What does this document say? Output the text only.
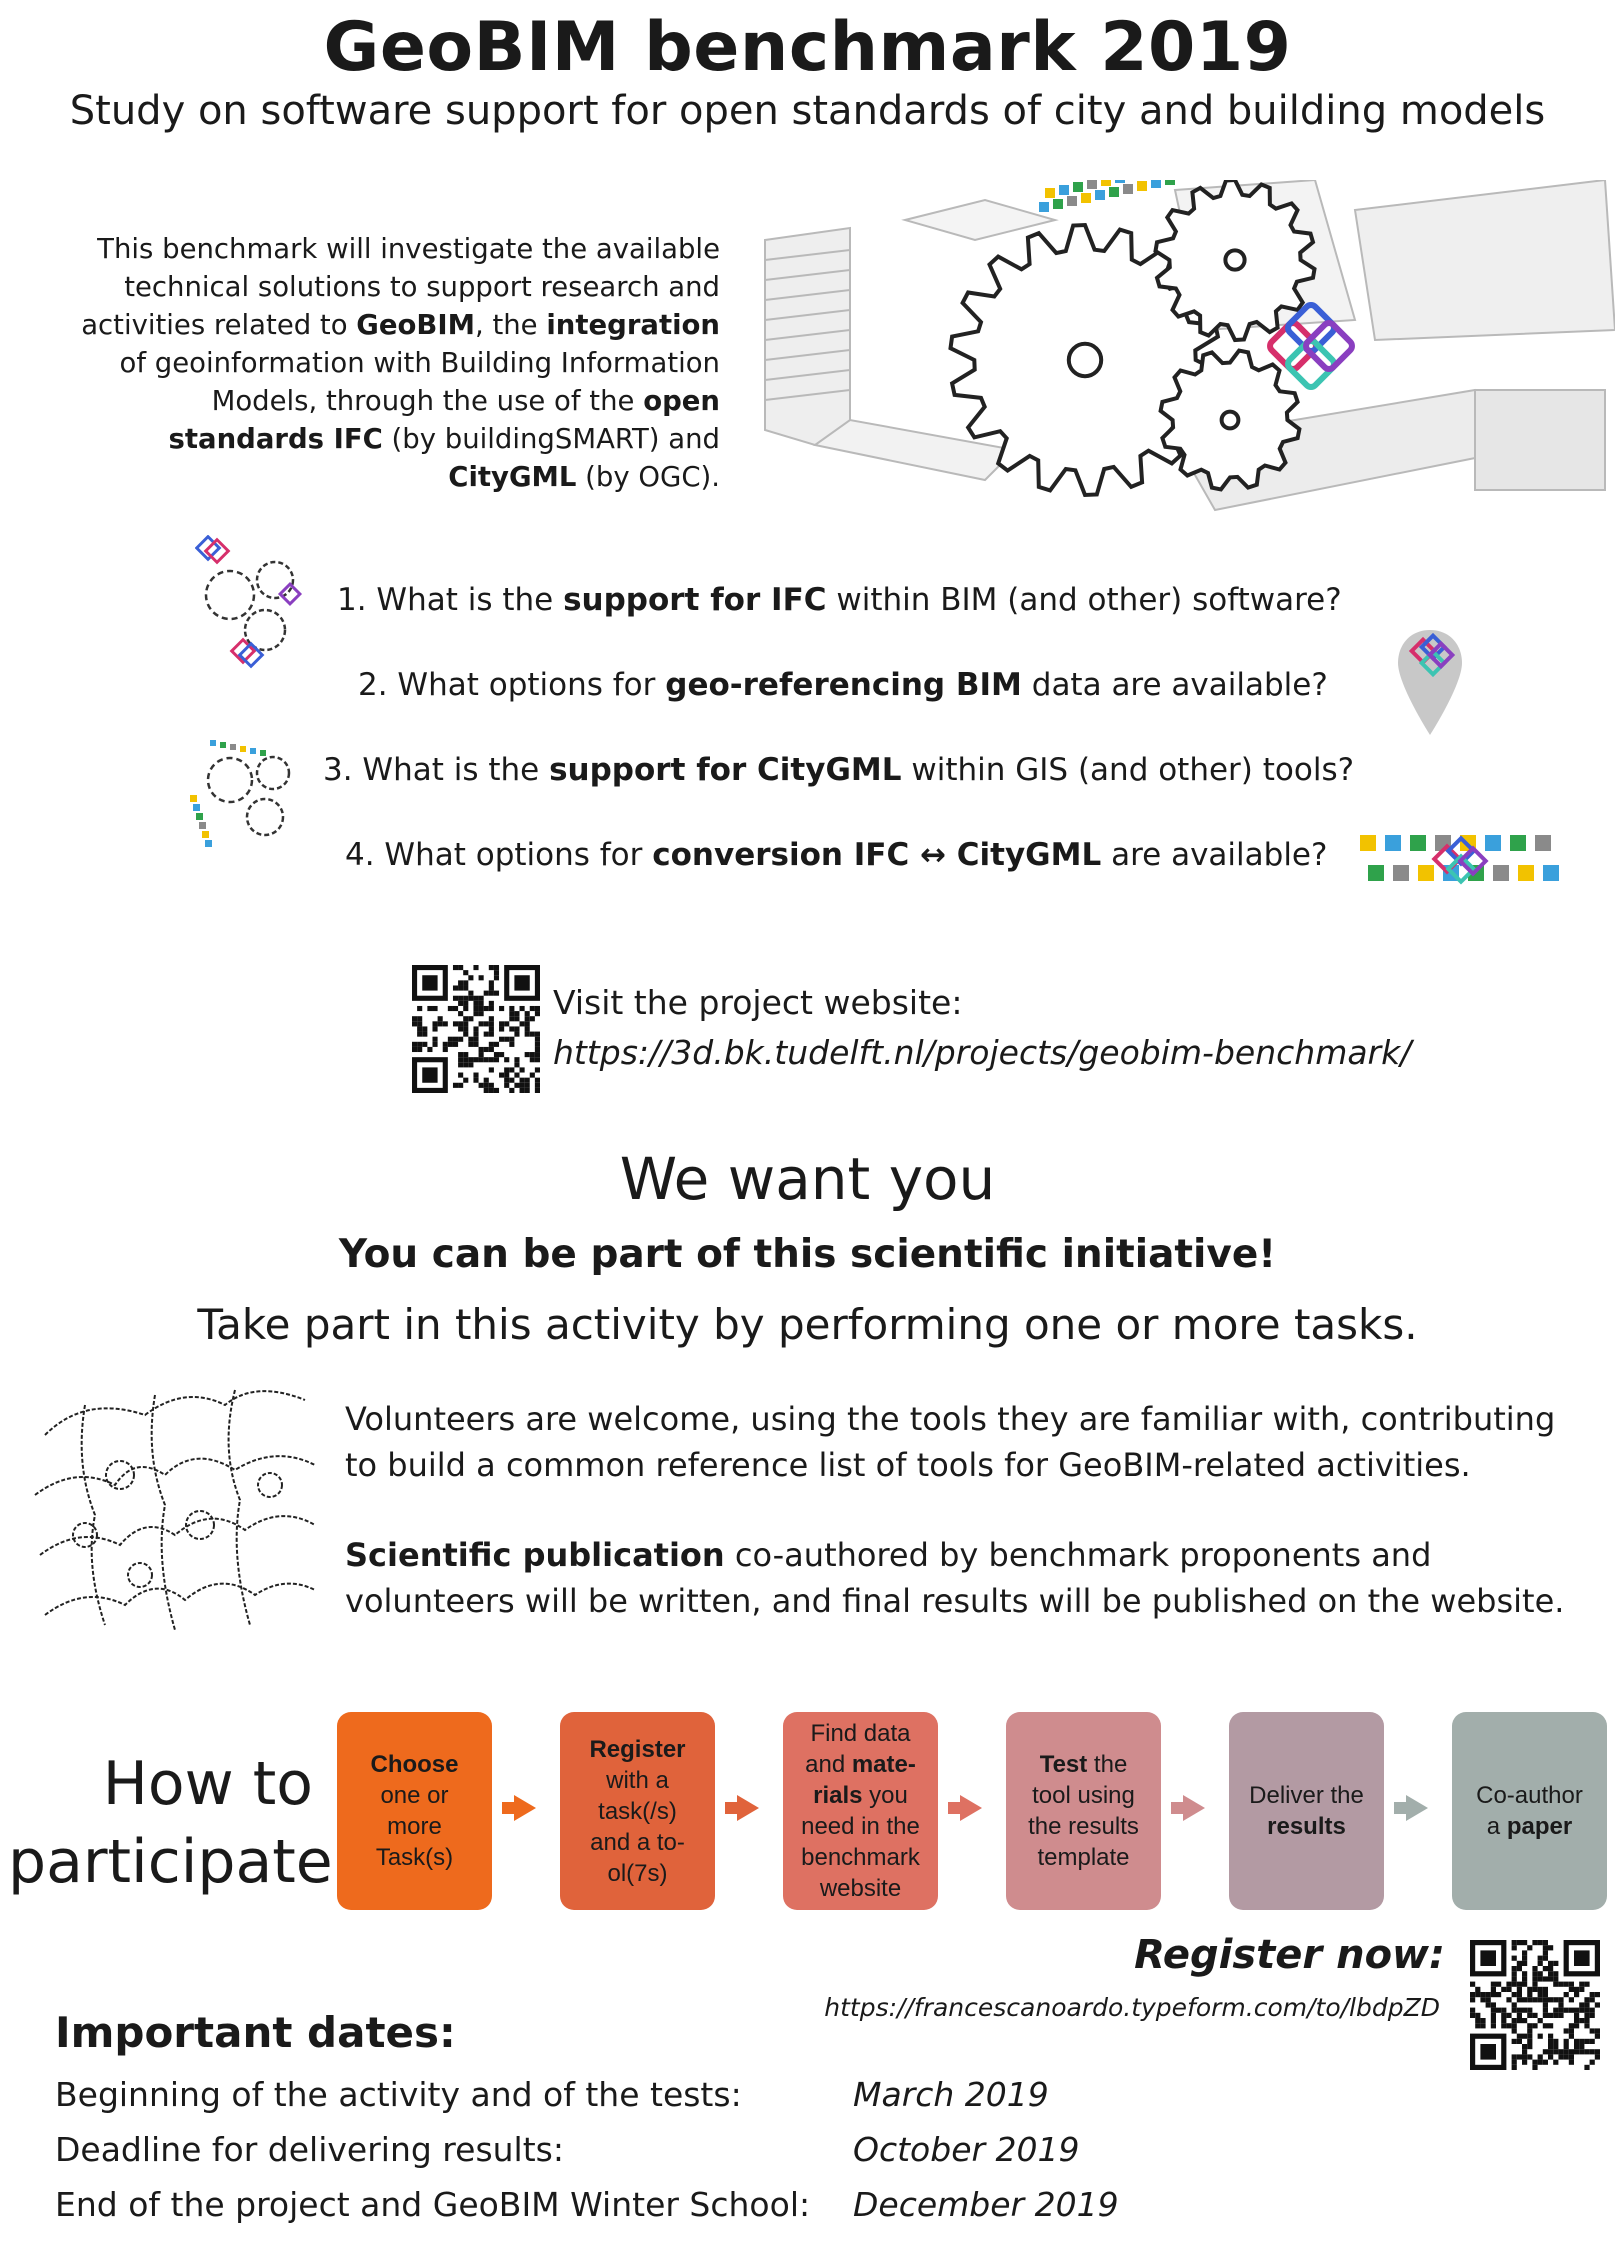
GeoBIM benchmark 2019
Study on software support for open standards of city and building models
This benchmark will investigate the available technical solutions to support research and activities related to GeoBIM, the integration of geoinformation with Building Information Models, through the use of the open standards IFC (by buildingSMART) and CityGML (by OGC).
1. What is the support for IFC within BIM (and other) software?
2. What options for geo-referencing BIM data are available?
3. What is the support for CityGML within GIS (and other) tools?
4. What options for conversion IFC ↔ CityGML are available?
Visit the project website:
https://3d.bk.tudelft.nl/projects/geobim-benchmark/
We want you
You can be part of this scientific initiative!
Take part in this activity by performing one or more tasks.
Volunteers are welcome, using the tools they are familiar with, contributing to build a common reference list of tools for GeoBIM-related activities.
Scientific publication co-authored by benchmark proponents and volunteers will be written, and final results will be published on the website.
How to
participate
Choose
one or
more
Task(s)
Register
with a
task(/s)
and a to-
ol(7s)
Find data
and mate-
rials you
need in the
benchmark
website
Test the
tool using
the results
template
Deliver the
results
Co-author
a paper
Register now:
https://francescanoardo.typeform.com/to/lbdpZD
Important dates:
Beginning of the activity and of the tests:	March 2019
Deadline for delivering results:	October 2019
End of the project and GeoBIM Winter School: December 2019
